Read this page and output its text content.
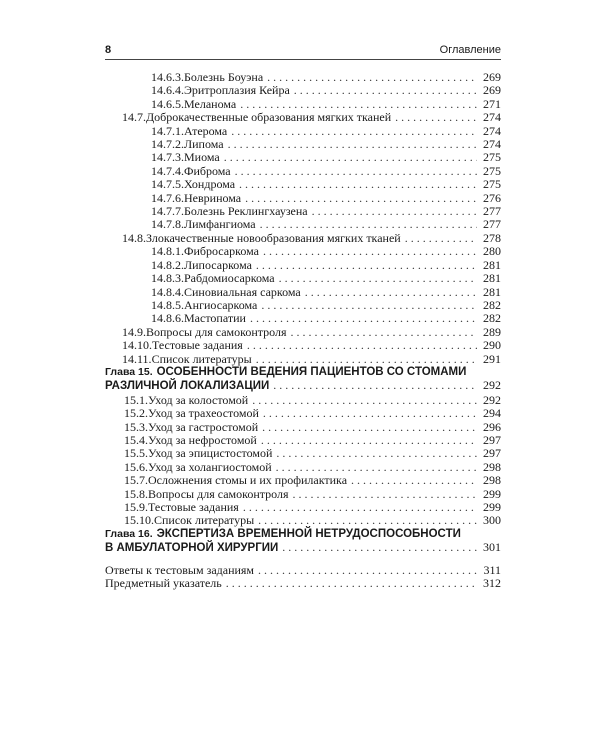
8	Оглавление
14.6.3. Болезнь Боуэна . . .	269
14.6.4. Эритроплазия Кейра . . .	269
14.6.5. Меланома . . .	271
14.7. Доброкачественные образования мягких тканей . . .	274
14.7.1. Атерома . . .	274
14.7.2. Липома . . .	274
14.7.3. Миома . . .	275
14.7.4. Фиброма . . .	275
14.7.5. Хондрома . . .	275
14.7.6. Невринома . . .	276
14.7.7. Болезнь Реклингхаузена . . .	277
14.7.8. Лимфангиома . . .	277
14.8. Злокачественные новообразования мягких тканей . . .	278
14.8.1. Фибросаркома . . .	280
14.8.2. Липосаркома . . .	281
14.8.3. Рабдомиосаркома . . .	281
14.8.4. Синовиальная саркома . . .	281
14.8.5. Ангиосаркома . . .	282
14.8.6. Мастопатии . . .	282
14.9. Вопросы для самоконтроля . . .	289
14.10. Тестовые задания . . .	290
14.11. Список литературы . . .	291
Глава 15. ОСОБЕННОСТИ ВЕДЕНИЯ ПАЦИЕНТОВ СО СТОМАМИ
РАЗЛИЧНОЙ ЛОКАЛИЗАЦИИ . . .	292
15.1. Уход за колостомой . . .	292
15.2. Уход за трахеостомой . . .	294
15.3. Уход за гастростомой . . .	296
15.4. Уход за нефростомой . . .	297
15.5. Уход за эпицистостомой . . .	297
15.6. Уход за холангиостомой . . .	298
15.7. Осложнения стомы и их профилактика . . .	298
15.8. Вопросы для самоконтроля . . .	299
15.9. Тестовые задания . . .	299
15.10. Список литературы . . .	300
Глава 16. ЭКСПЕРТИЗА ВРЕМЕННОЙ НЕТРУДОСПОСОБНОСТИ
В АМБУЛАТОРНОЙ ХИРУРГИИ . . .	301
Ответы к тестовым заданиям . . .	311
Предметный указатель . . .	312
